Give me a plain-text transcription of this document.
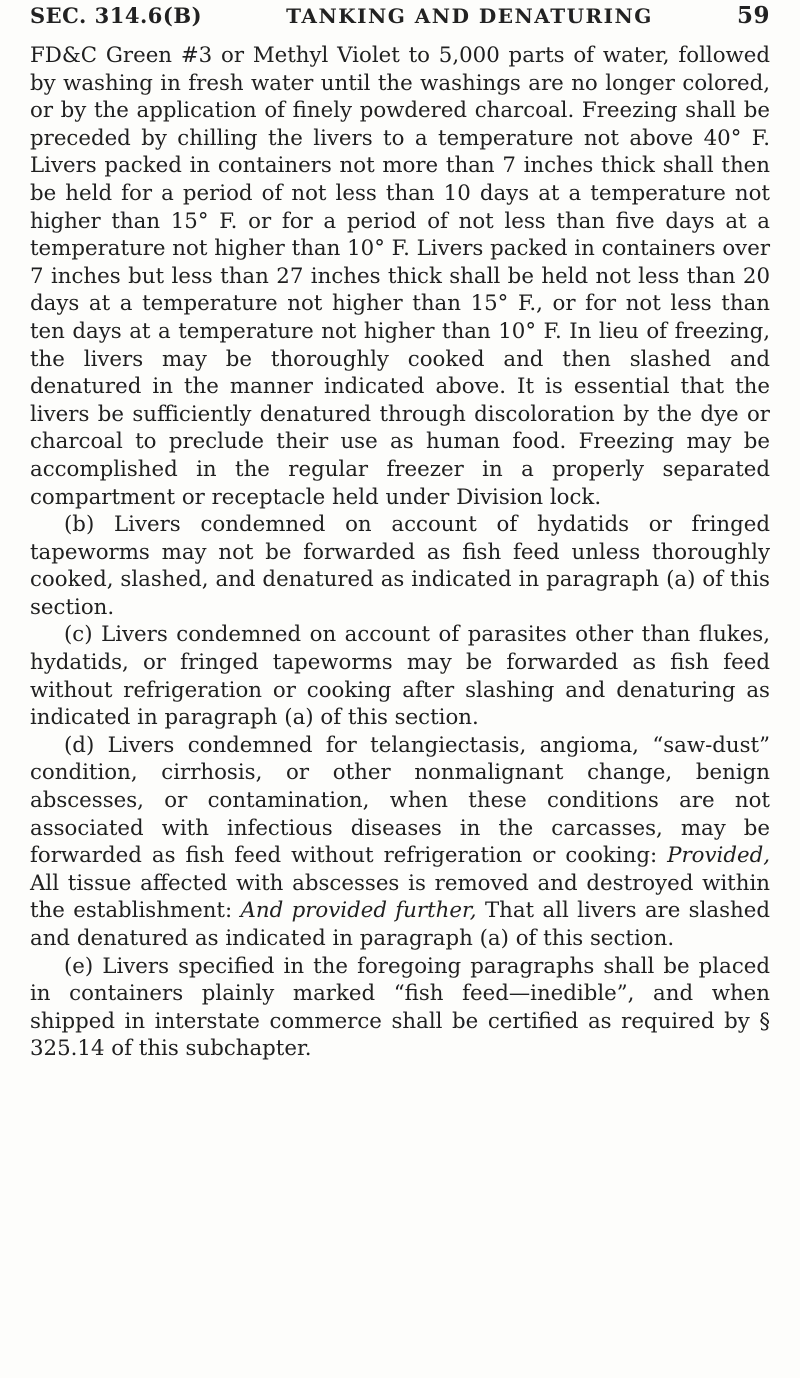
SEC. 314.6(B)	TANKING AND DENATURING	59

FD&C Green #3 or Methyl Violet to 5,000 parts of water, followed by washing in fresh water until the washings are no longer colored, or by the application of finely powdered charcoal. Freezing shall be preceded by chilling the livers to a temperature not above 40° F. Livers packed in containers not more than 7 inches thick shall then be held for a period of not less than 10 days at a temperature not higher than 15° F. or for a period of not less than five days at a temperature not higher than 10° F. Livers packed in containers over 7 inches but less than 27 inches thick shall be held not less than 20 days at a temperature not higher than 15° F., or for not less than ten days at a temperature not higher than 10° F. In lieu of freezing, the livers may be thoroughly cooked and then slashed and denatured in the manner indicated above. It is essential that the livers be sufficiently denatured through discoloration by the dye or charcoal to preclude their use as human food. Freezing may be accomplished in the regular freezer in a properly separated compartment or receptacle held under Division lock.

(b) Livers condemned on account of hydatids or fringed tapeworms may not be forwarded as fish feed unless thoroughly cooked, slashed, and denatured as indicated in paragraph (a) of this section.

(c) Livers condemned on account of parasites other than flukes, hydatids, or fringed tapeworms may be forwarded as fish feed without refrigeration or cooking after slashing and denaturing as indicated in paragraph (a) of this section.

(d) Livers condemned for telangiectasis, angioma, “saw-dust” condition, cirrhosis, or other nonmalignant change, benign abscesses, or contamination, when these conditions are not associated with infectious diseases in the carcasses, may be forwarded as fish feed without refrigeration or cooking: Provided, All tissue affected with abscesses is removed and destroyed within the establishment: And provided further, That all livers are slashed and denatured as indicated in paragraph (a) of this section.

(e) Livers specified in the foregoing paragraphs shall be placed in containers plainly marked “fish feed—inedible”, and when shipped in interstate commerce shall be certified as required by § 325.14 of this subchapter.
